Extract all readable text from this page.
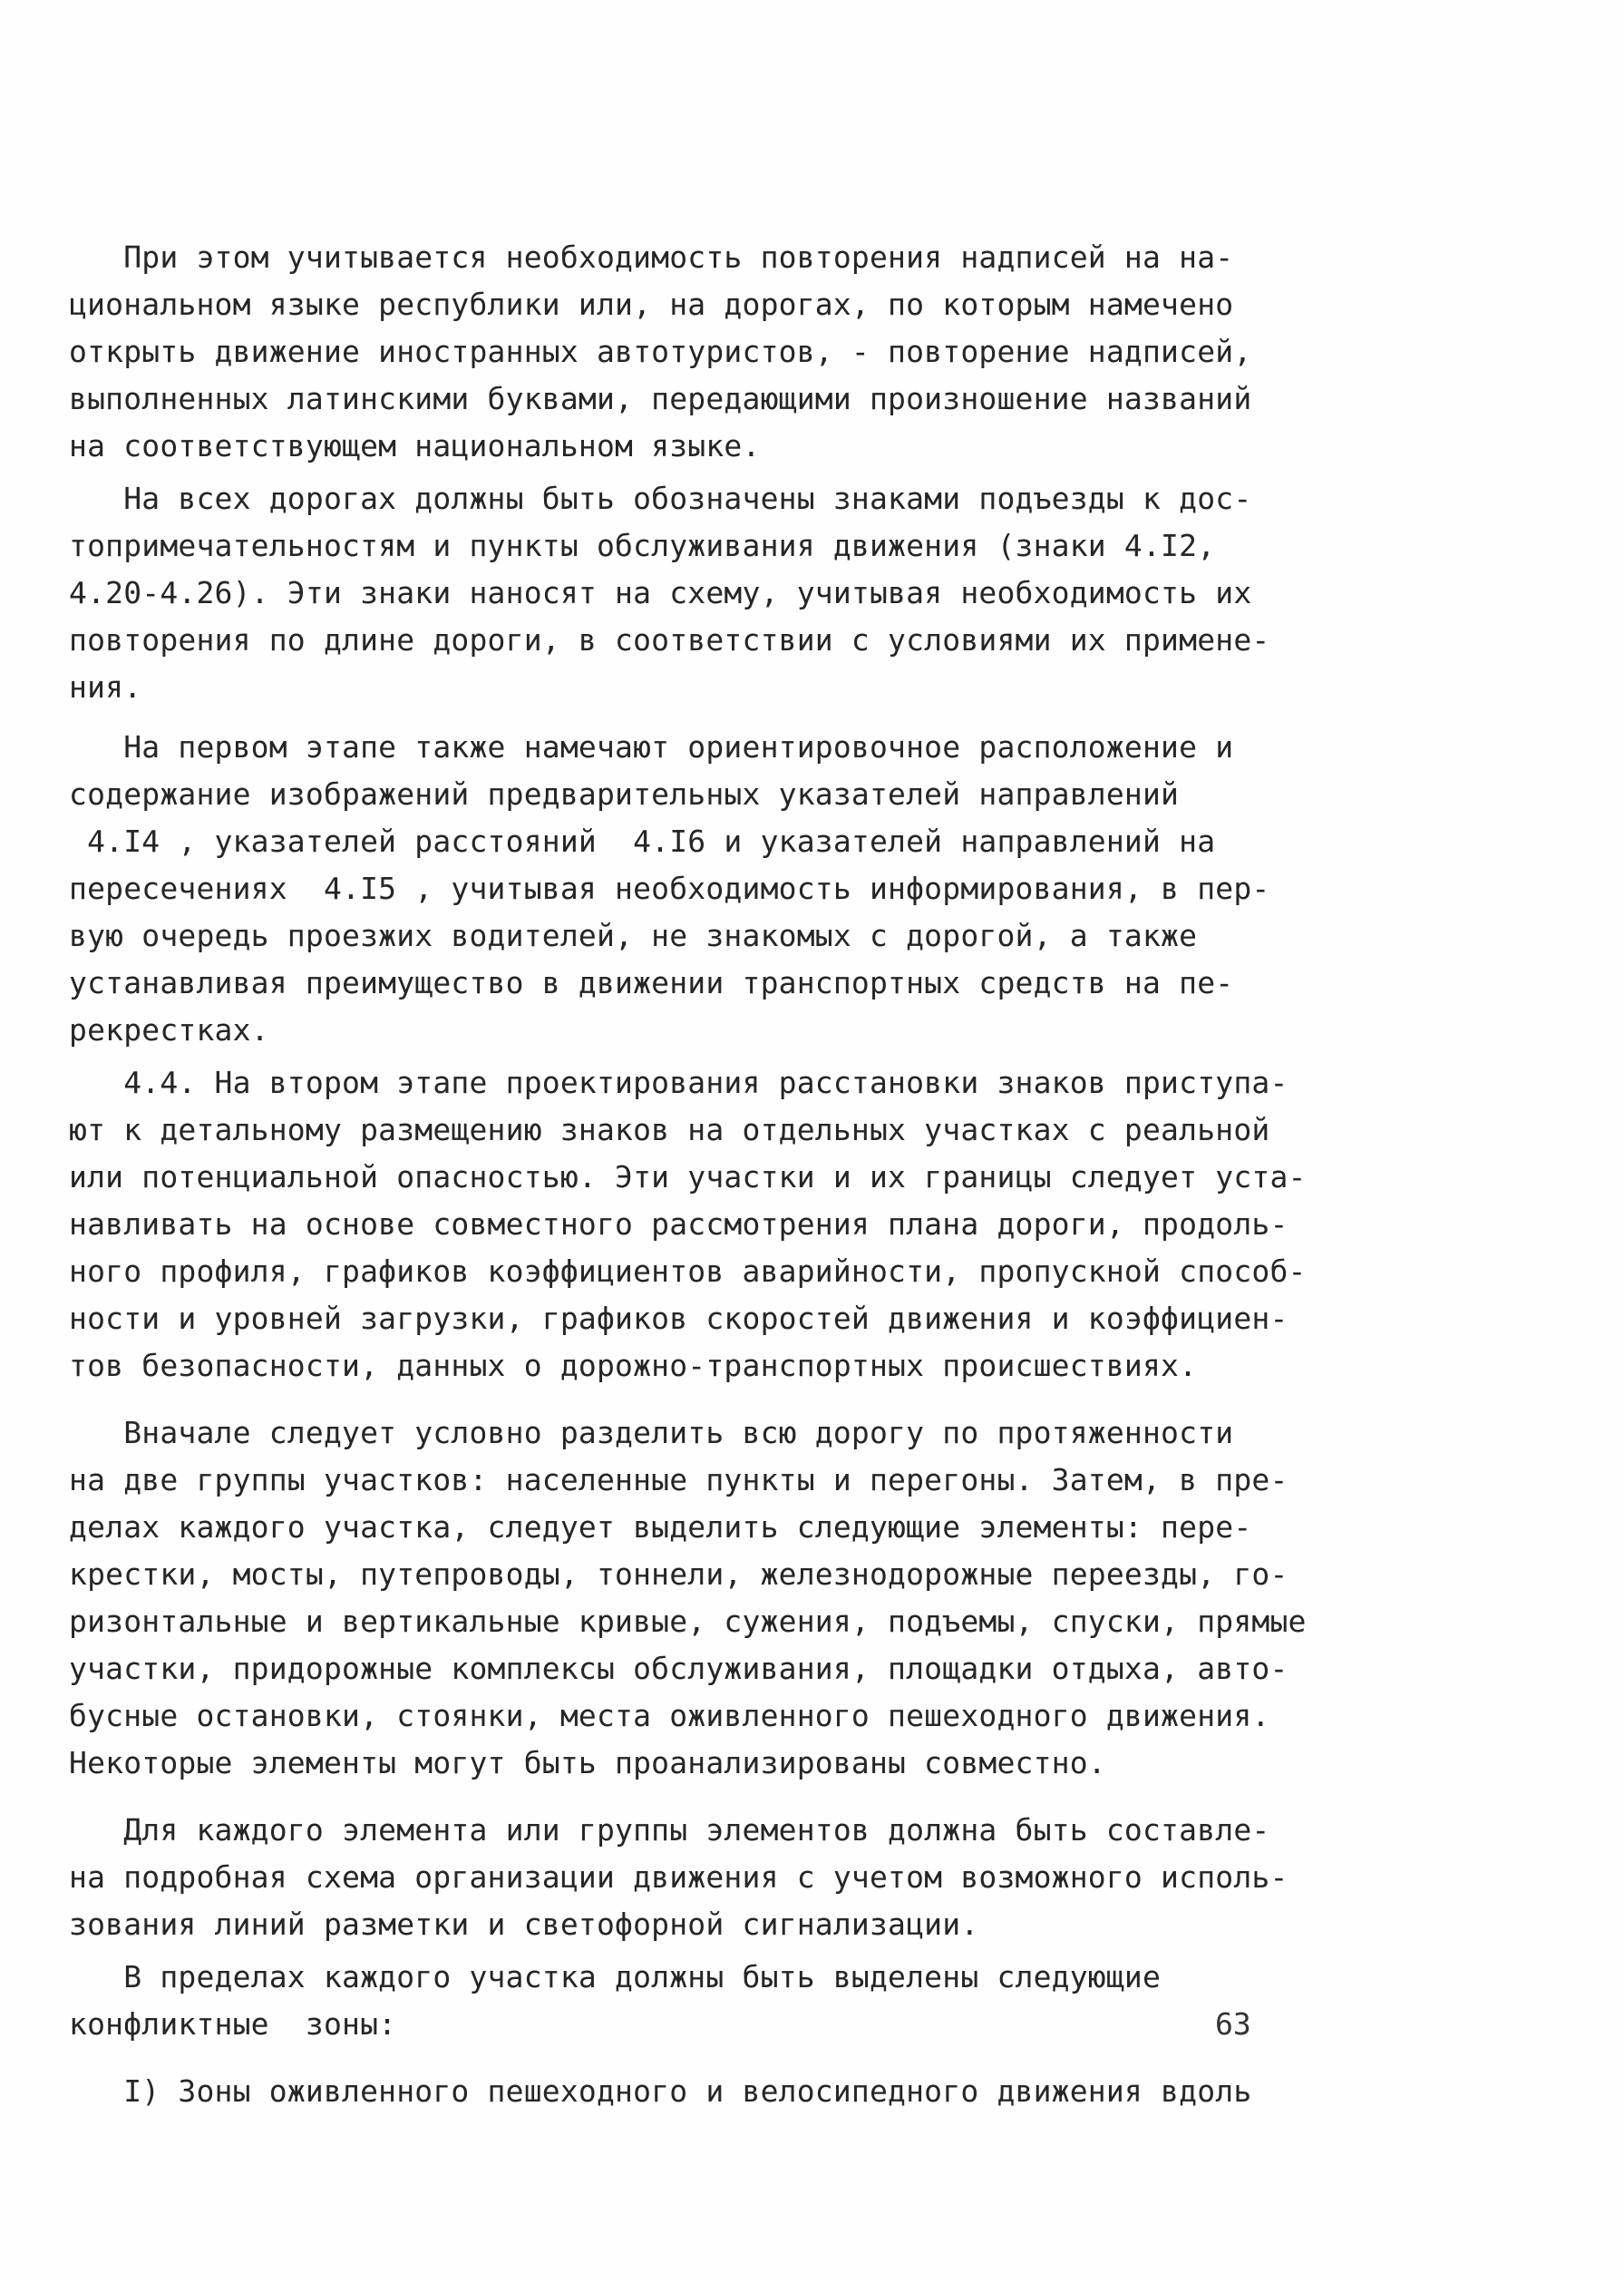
При этом учитывается необходимость повторения надписей на на-
циональном языке республики или, на дорогах, по которым намечено
открыть движение иностранных автотуристов, - повторение надписей,
выполненных латинскими буквами, передающими произношение названий
на соответствующем национальном языке.
На всех дорогах должны быть обозначены знаками подъезды к дос-
топримечательностям и пункты обслуживания движения (знаки 4.I2,
4.20-4.26). Эти знаки наносят на схему, учитывая необходимость их
повторения по длине дороги, в соответствии с условиями их примене-
ния.
На первом этапе также намечают ориентировочное расположение и
содержание изображений предварительных указателей направлений
4.I4 , указателей расстояний  4.I6 и указателей направлений на
пересечениях  4.I5 , учитывая необходимость информирования, в пер-
вую очередь проезжих водителей, не знакомых с дорогой, а также
устанавливая преимущество в движении транспортных средств на пе-
рекрестках.
4.4. На втором этапе проектирования расстановки знаков приступа-
ют к детальному размещению знаков на отдельных участках с реальной
или потенциальной опасностью. Эти участки и их границы следует уста-
навливать на основе совместного рассмотрения плана дороги, продоль-
ного профиля, графиков коэффициентов аварийности, пропускной способ-
ности и уровней загрузки, графиков скоростей движения и коэффициен-
тов безопасности, данных о дорожно-транспортных происшествиях.
Вначале следует условно разделить всю дорогу по протяженности
на две группы участков: населенные пункты и перегоны. Затем, в пре-
делах каждого участка, следует выделить следующие элементы: пере-
крестки, мосты, путепроводы, тоннели, железнодорожные переезды, го-
ризонтальные и вертикальные кривые, сужения, подъемы, спуски, прямые
участки, придорожные комплексы обслуживания, площадки отдыха, авто-
бусные остановки, стоянки, места оживленного пешеходного движения.
Некоторые элементы могут быть проанализированы совместно.
Для каждого элемента или группы элементов должна быть составле-
на подробная схема организации движения с учетом возможного исполь-
зования линий разметки и светофорной сигнализации.
В пределах каждого участка должны быть выделены следующие
конфликтные  зоны:
I) Зоны оживленного пешеходного и велосипедного движения вдоль
63
